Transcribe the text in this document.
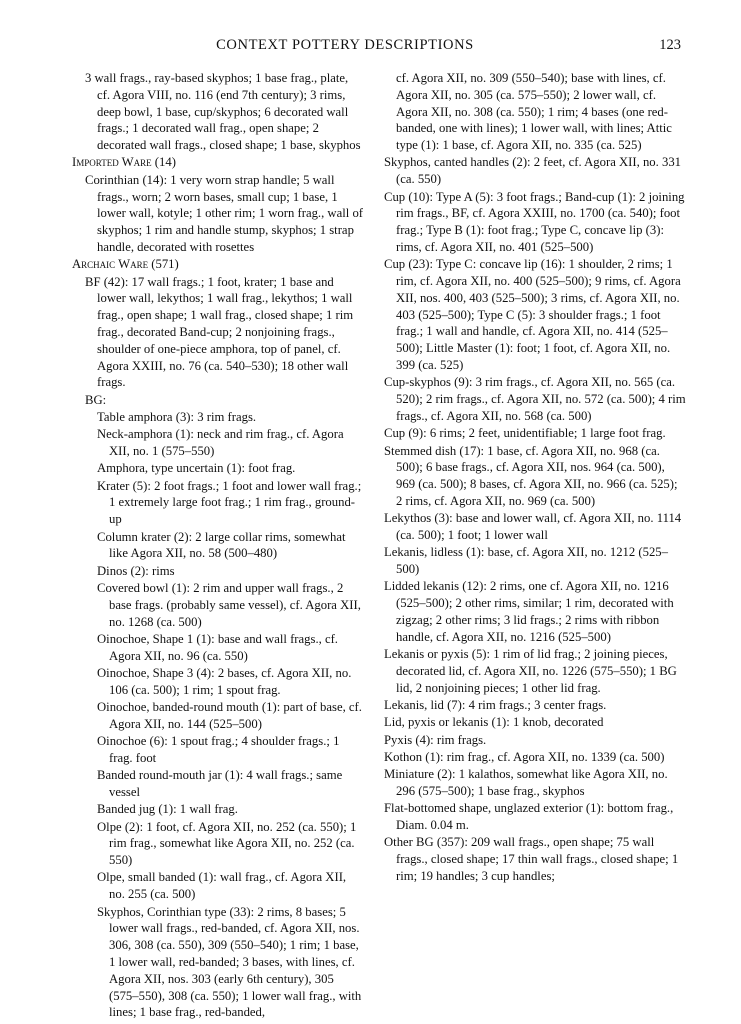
CONTEXT POTTERY DESCRIPTIONS	123
3 wall frags., ray-based skyphos; 1 base frag., plate, cf. Agora VIII, no. 116 (end 7th century); 3 rims, deep bowl, 1 base, cup/skyphos; 6 decorated wall frags.; 1 decorated wall frag., open shape; 2 decorated wall frags., closed shape; 1 base, skyphos
Imported Ware (14)
Corinthian (14): 1 very worn strap handle; 5 wall frags., worn; 2 worn bases, small cup; 1 base, 1 lower wall, kotyle; 1 other rim; 1 worn frag., wall of skyphos; 1 rim and handle stump, skyphos; 1 strap handle, decorated with rosettes
Archaic Ware (571)
BF (42): 17 wall frags.; 1 foot, krater; 1 base and lower wall, lekythos; 1 wall frag., lekythos; 1 wall frag., open shape; 1 wall frag., closed shape; 1 rim frag., decorated Band-cup; 2 nonjoining frags., shoulder of one-piece amphora, top of panel, cf. Agora XXIII, no. 76 (ca. 540–530); 18 other wall frags.
BG:
Table amphora (3): 3 rim frags.
Neck-amphora (1): neck and rim frag., cf. Agora XII, no. 1 (575–550)
Amphora, type uncertain (1): foot frag.
Krater (5): 2 foot frags.; 1 foot and lower wall frag.; 1 extremely large foot frag.; 1 rim frag., ground-up
Column krater (2): 2 large collar rims, somewhat like Agora XII, no. 58 (500–480)
Dinos (2): rims
Covered bowl (1): 2 rim and upper wall frags., 2 base frags. (probably same vessel), cf. Agora XII, no. 1268 (ca. 500)
Oinochoe, Shape 1 (1): base and wall frags., cf. Agora XII, no. 96 (ca. 550)
Oinochoe, Shape 3 (4): 2 bases, cf. Agora XII, no. 106 (ca. 500); 1 rim; 1 spout frag.
Oinochoe, banded-round mouth (1): part of base, cf. Agora XII, no. 144 (525–500)
Oinochoe (6): 1 spout frag.; 4 shoulder frags.; 1 frag. foot
Banded round-mouth jar (1): 4 wall frags.; same vessel
Banded jug (1): 1 wall frag.
Olpe (2): 1 foot, cf. Agora XII, no. 252 (ca. 550); 1 rim frag., somewhat like Agora XII, no. 252 (ca. 550)
Olpe, small banded (1): wall frag., cf. Agora XII, no. 255 (ca. 500)
Skyphos, Corinthian type (33): 2 rims, 8 bases; 5 lower wall frags., red-banded, cf. Agora XII, nos. 306, 308 (ca. 550), 309 (550–540); 1 rim; 1 base, 1 lower wall, red-banded; 3 bases, with lines, cf. Agora XII, nos. 303 (early 6th century), 305 (575–550), 308 (ca. 550); 1 lower wall frag., with lines; 1 base frag., red-banded,
cf. Agora XII, no. 309 (550–540); base with lines, cf. Agora XII, no. 305 (ca. 575–550); 2 lower wall, cf. Agora XII, no. 308 (ca. 550); 1 rim; 4 bases (one red-banded, one with lines); 1 lower wall, with lines; Attic type (1): 1 base, cf. Agora XII, no. 335 (ca. 525)
Skyphos, canted handles (2): 2 feet, cf. Agora XII, no. 331 (ca. 550)
Cup (10): Type A (5): 3 foot frags.; Band-cup (1): 2 joining rim frags., BF, cf. Agora XXIII, no. 1700 (ca. 540); foot frag.; Type B (1): foot frag.; Type C, concave lip (3): rims, cf. Agora XII, no. 401 (525–500)
Cup (23): Type C: concave lip (16): 1 shoulder, 2 rims; 1 rim, cf. Agora XII, no. 400 (525–500); 9 rims, cf. Agora XII, nos. 400, 403 (525–500); 3 rims, cf. Agora XII, no. 403 (525–500); Type C (5): 3 shoulder frags.; 1 foot frag.; 1 wall and handle, cf. Agora XII, no. 414 (525–500); Little Master (1): foot; 1 foot, cf. Agora XII, no. 399 (ca. 525)
Cup-skyphos (9): 3 rim frags., cf. Agora XII, no. 565 (ca. 520); 2 rim frags., cf. Agora XII, no. 572 (ca. 500); 4 rim frags., cf. Agora XII, no. 568 (ca. 500)
Cup (9): 6 rims; 2 feet, unidentifiable; 1 large foot frag.
Stemmed dish (17): 1 base, cf. Agora XII, no. 968 (ca. 500); 6 base frags., cf. Agora XII, nos. 964 (ca. 500), 969 (ca. 500); 8 bases, cf. Agora XII, no. 966 (ca. 525); 2 rims, cf. Agora XII, no. 969 (ca. 500)
Lekythos (3): base and lower wall, cf. Agora XII, no. 1114 (ca. 500); 1 foot; 1 lower wall
Lekanis, lidless (1): base, cf. Agora XII, no. 1212 (525–500)
Lidded lekanis (12): 2 rims, one cf. Agora XII, no. 1216 (525–500); 2 other rims, similar; 1 rim, decorated with zigzag; 2 other rims; 3 lid frags.; 2 rims with ribbon handle, cf. Agora XII, no. 1216 (525–500)
Lekanis or pyxis (5): 1 rim of lid frag.; 2 joining pieces, decorated lid, cf. Agora XII, no. 1226 (575–550); 1 BG lid, 2 nonjoining pieces; 1 other lid frag.
Lekanis, lid (7): 4 rim frags.; 3 center frags.
Lid, pyxis or lekanis (1): 1 knob, decorated
Pyxis (4): rim frags.
Kothon (1): rim frag., cf. Agora XII, no. 1339 (ca. 500)
Miniature (2): 1 kalathos, somewhat like Agora XII, no. 296 (575–500); 1 base frag., skyphos
Flat-bottomed shape, unglazed exterior (1): bottom frag., Diam. 0.04 m.
Other BG (357): 209 wall frags., open shape; 75 wall frags., closed shape; 17 thin wall frags., closed shape; 1 rim; 19 handles; 3 cup handles;
